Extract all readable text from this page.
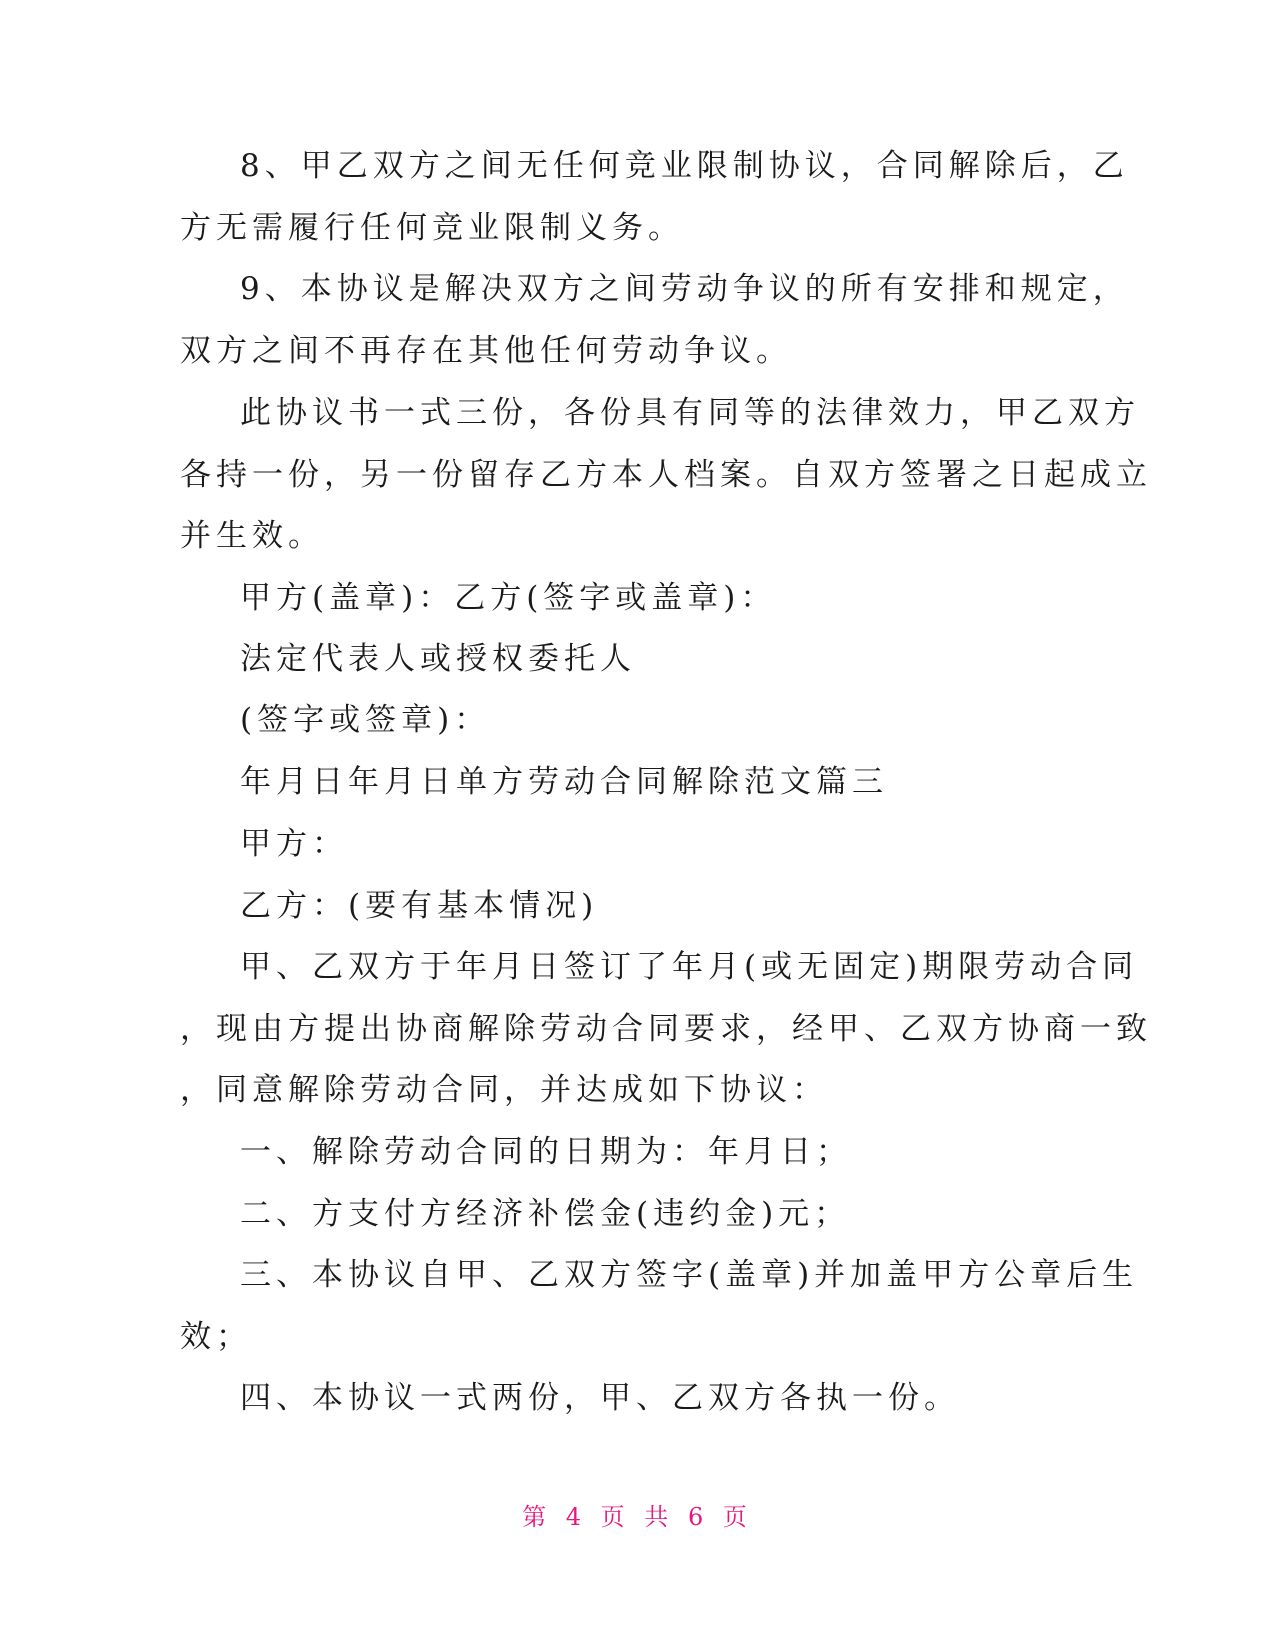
8、甲乙双方之间无任何竞业限制协议，合同解除后，乙
方无需履行任何竞业限制义务。
9、本协议是解决双方之间劳动争议的所有安排和规定，
双方之间不再存在其他任何劳动争议。
此协议书一式三份，各份具有同等的法律效力，甲乙双方
各持一份，另一份留存乙方本人档案。自双方签署之日起成立
并生效。
甲方(盖章)：乙方(签字或盖章)：
法定代表人或授权委托人
(签字或签章)：
年月日年月日单方劳动合同解除范文篇三
甲方：
乙方：(要有基本情况)
甲、乙双方于年月日签订了年月(或无固定)期限劳动合同
，现由方提出协商解除劳动合同要求，经甲、乙双方协商一致
，同意解除劳动合同，并达成如下协议：
一、解除劳动合同的日期为：年月日；
二、方支付方经济补偿金(违约金)元；
三、本协议自甲、乙双方签字(盖章)并加盖甲方公章后生
效；
四、本协议一式两份，甲、乙双方各执一份。
第 4 页 共 6 页
